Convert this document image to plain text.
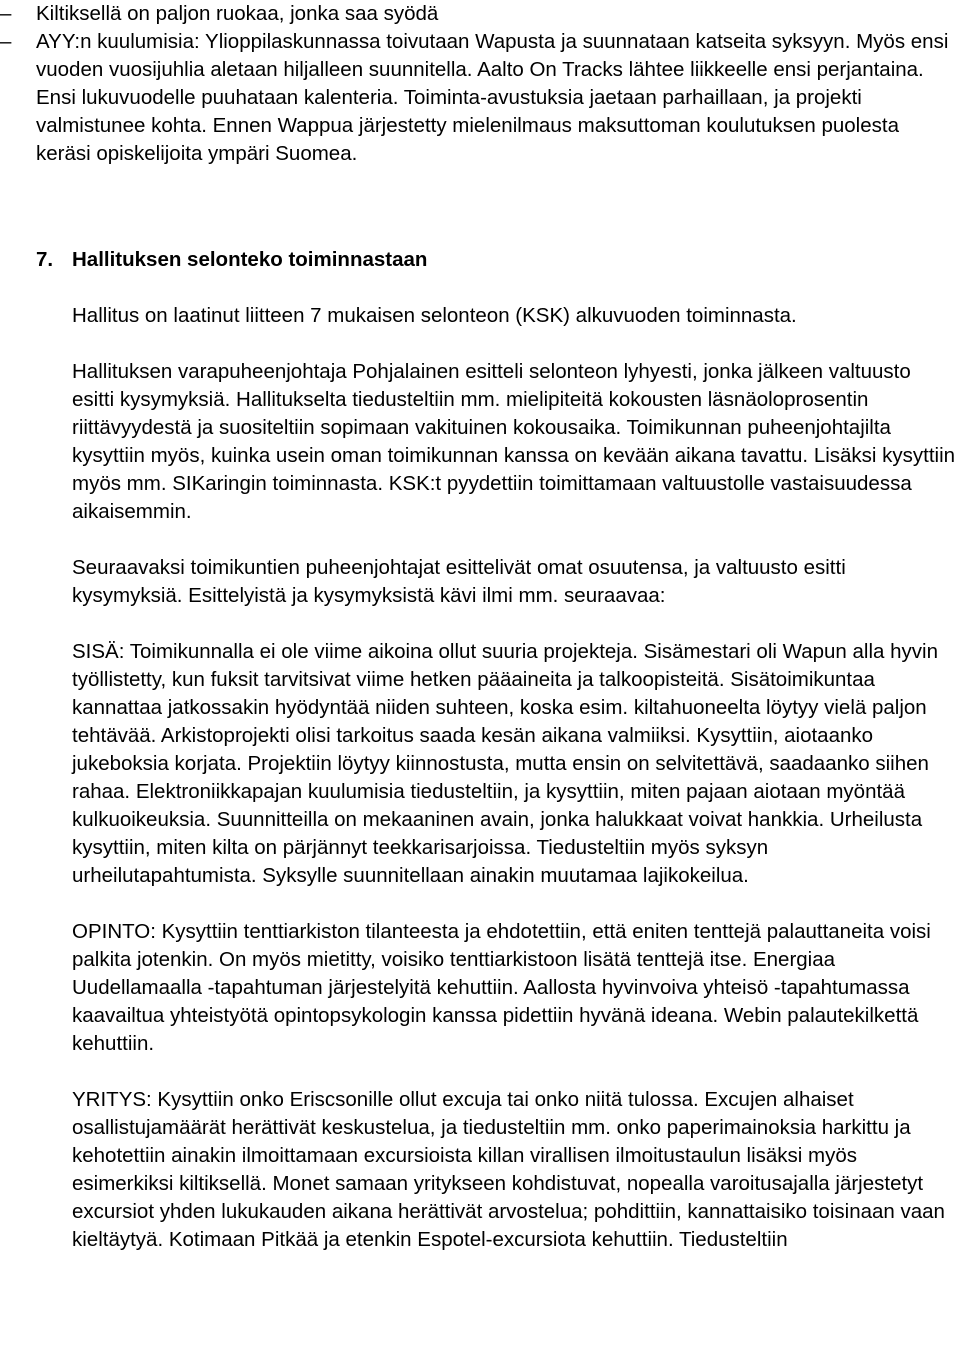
–	Kiltiksellä on paljon ruokaa, jonka saa syödä
–	AYY:n kuulumisia: Ylioppilaskunnassa toivutaan Wapusta ja suunnataan katseita syksyyn. Myös ensi vuoden vuosijuhlia aletaan hiljalleen suunnitella. Aalto On Tracks lähtee liikkeelle ensi perjantaina. Ensi lukuvuodelle puuhataan kalenteria. Toiminta-avustuksia jaetaan parhaillaan, ja projekti valmistunee kohta. Ennen Wappua järjestetty mielenilmaus maksuttoman koulutuksen puolesta keräsi opiskelijoita ympäri Suomea.
7. Hallituksen selonteko toiminnastaan

Hallitus on laatinut liitteen 7 mukaisen selonteon (KSK) alkuvuoden toiminnasta.

Hallituksen varapuheenjohtaja Pohjalainen esitteli selonteon lyhyesti, jonka jälkeen valtuusto esitti kysymyksiä. Hallitukselta tiedusteltiin mm. mielipiteitä kokousten läsnäoloprosentin riittävyydestä ja suositeltiin sopimaan vakituinen kokousaika. Toimikunnan puheenjohtajilta kysyttiin myös, kuinka usein oman toimikunnan kanssa on kevään aikana tavattu. Lisäksi kysyttiin myös mm. SIKaringin toiminnasta. KSK:t pyydettiin toimittamaan valtuustolle vastaisuudessa aikaisemmin.

Seuraavaksi toimikuntien puheenjohtajat esittelivät omat osuutensa, ja valtuusto esitti kysymyksiä. Esittelyistä ja kysymyksistä kävi ilmi mm. seuraavaa:

SISÄ: Toimikunnalla ei ole viime aikoina ollut suuria projekteja. Sisämestari oli Wapun alla hyvin työllistetty, kun fuksit tarvitsivat viime hetken pääaineita ja talkoopisteitä. Sisätoimikuntaa kannattaa jatkossakin hyödyntää niiden suhteen, koska esim. kiltahuoneelta löytyy vielä paljon tehtävää. Arkistoprojekti olisi tarkoitus saada kesän aikana valmiiksi. Kysyttiin, aiotaanko jukeboksia korjata. Projektiin löytyy kiinnostusta, mutta ensin on selvitettävä, saadaanko siihen rahaa. Elektroniikkapajan kuulumisia tiedusteltiin, ja kysyttiin, miten pajaan aiotaan myöntää kulkuoikeuksia. Suunnitteilla on mekaaninen avain, jonka halukkaat voivat hankkia. Urheilusta kysyttiin, miten kilta on pärjännyt teekkarisarjoissa. Tiedusteltiin myös syksyn urheilutapahtumista. Syksylle suunnitellaan ainakin muutamaa lajikokeilua.

OPINTO: Kysyttiin tenttiarkiston tilanteesta ja ehdotettiin, että eniten tenttejä palauttaneita voisi palkita jotenkin. On myös mietitty, voisiko tenttiarkistoon lisätä tenttejä itse. Energiaa Uudellamaalla -tapahtuman järjestelyitä kehuttiin. Aallosta hyvinvoiva yhteisö -tapahtumassa kaavailtua yhteistyötä opintopsykologin kanssa pidettiin hyvänä ideana. Webin palautekilkettä kehuttiin.

YRITYS: Kysyttiin onko Eriscsonille ollut excuja tai onko niitä tulossa. Excujen alhaiset osallistujamäärät herättivät keskustelua, ja tiedusteltiin mm. onko paperimainoksia harkittu ja kehotettiin ainakin ilmoittamaan excursioista killan virallisen ilmoitustaulun lisäksi myös esimerkiksi kiltiksellä. Monet samaan yritykseen kohdistuvat, nopealla varoitusajalla järjestetyt excursiot yhden lukukauden aikana herättivät arvostelua; pohdittiin, kannattaisiko toisinaan vaan kieltäytyä. Kotimaan Pitkää ja etenkin Espotel-excursiota kehuttiin. Tiedusteltiin
